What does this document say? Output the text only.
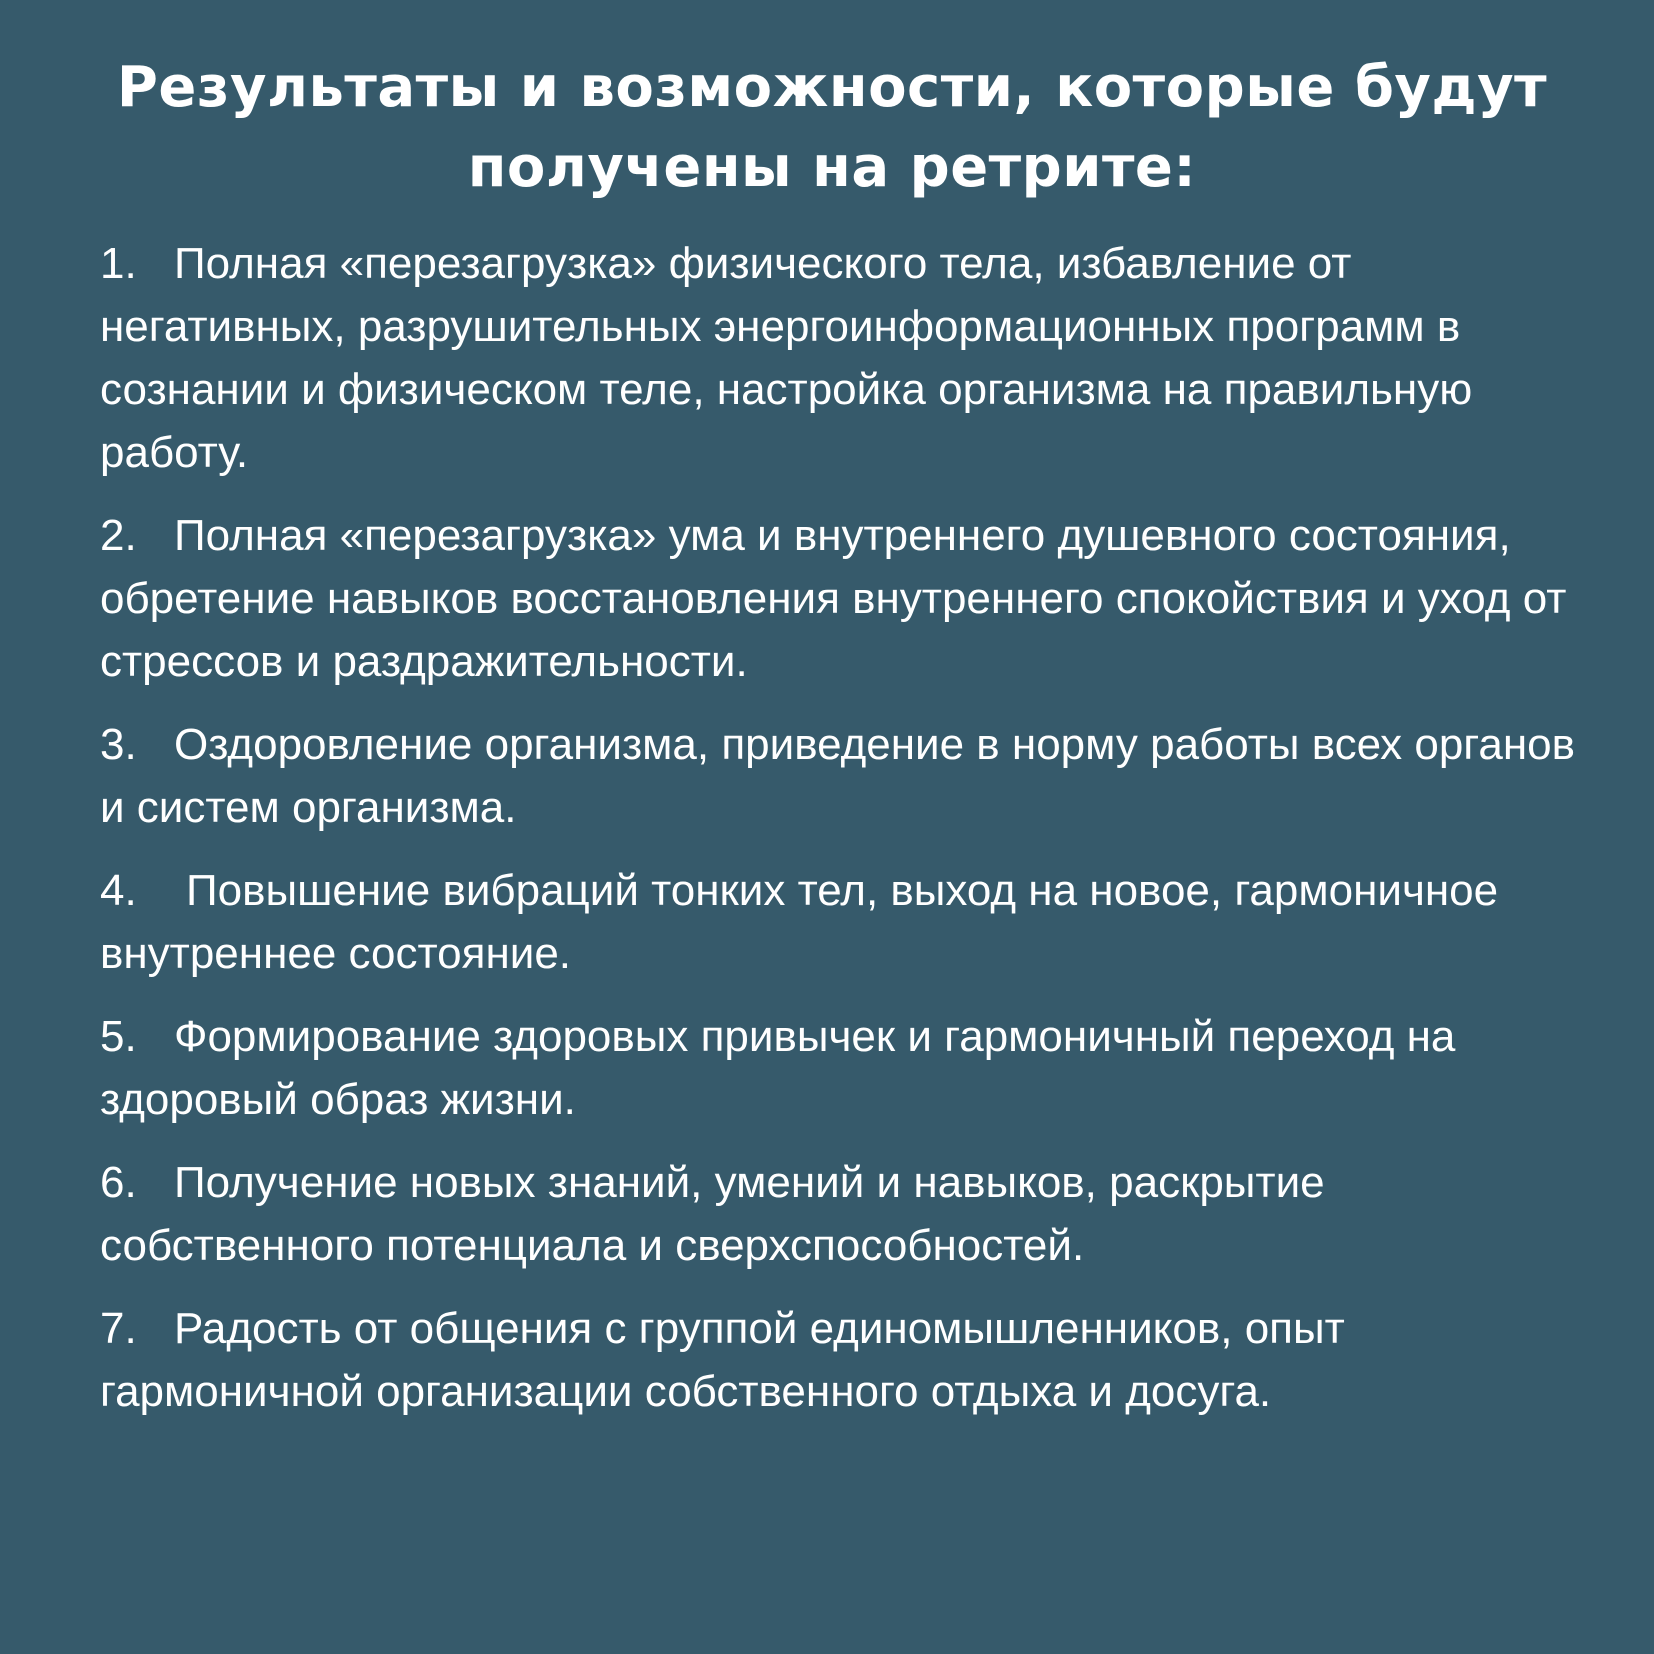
Результаты и возможности, которые будут
получены на ретрите:
1. Полная «перезагрузка» физического тела, избавление от негативных, разрушительных энергоинформационных программ в сознании и физическом теле, настройка организма на правильную работу.
2. Полная «перезагрузка» ума и внутреннего душевного состояния, обретение навыков восстановления внутреннего спокойствия и уход от стрессов и раздражительности.
3. Оздоровление организма, приведение в норму работы всех органов и систем организма.
4. Повышение вибраций тонких тел, выход на новое, гармоничное внутреннее состояние.
5. Формирование здоровых привычек и гармоничный переход на здоровый образ жизни.
6. Получение новых знаний, умений и навыков, раскрытие собственного потенциала и сверхспособностей.
7. Радость от общения с группой единомышленников, опыт гармоничной организации собственного отдыха и досуга.
